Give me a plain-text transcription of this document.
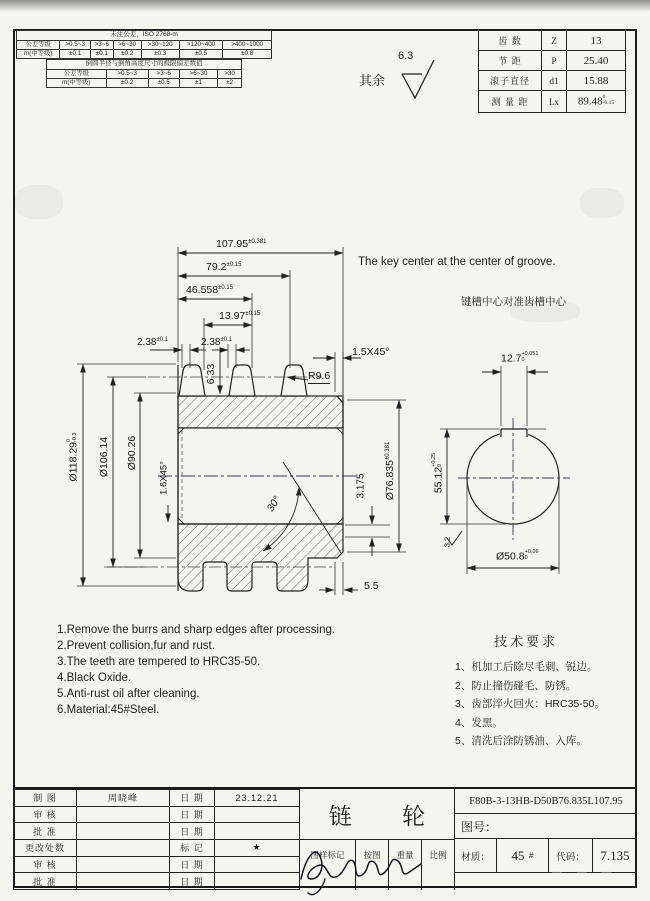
未注公差，ISO 2768-m						
公差等级	>0.5~3	>3~6	>6~30	>30~120	>120~400	>400~1000
m(中等级)	±0.1	±0.1	±0.2	±0.3	±0.5	±0.8
倒圆半径与倒角高度尺寸的极限偏差数值				
公差等级	>0.5~3	>3~6	>6~30	>30
m(中等级)	±0.2	±0.5	±1	±2
齿 数	Z	13
节 距	P	25.40
滚子直径	d1	15.88
测 量 距	Lx	89.48 0
-0.15
其余
6.3
The key center at the center of groove.
键槽中心对准齿槽中心
$107.95^{\pm 0.381}$
$79.2^{\pm 0.15}$
$46.558^{\pm 0.15}$
$13.97^{\pm 0.15}$
$2.38^{\pm 0.1}$	$2.38^{\pm 0.1}$
6.33	R9.6
1.5X45°
Ø118.29
0 -0.3 Ø106.14 Ø90.26
1.6X45°
30°
3.175 $Ø76.835^{\pm 0.381}$
5.5
12.7 +0.051
0
55.12
+0.25 0
Ø50.8 +0.06
0
3.2
1.Remove the burrs and sharp edges after processing.
2.Prevent collision,fur and rust.
3.The teeth are tempered to HRC35-50.
4.Black Oxide.
5.Anti-rust oil after cleaning.
6.Material:45#Steel.
技术要求
1、机加工后除尽毛刺、锐边。
2、防止撞伤碰毛、防锈。
3、齿部淬火回火：HRC35-50。
4、发黑。
5、清洗后涂防锈油、入库。
制 图	周晓峰	日 期	23.12.21
审 核		日 期	
批 准		日 期	
更改处数		标 记	★
审 核		日 期	
批 准		日 期	
链 轮
图样标记	按图	重量	比例
F80B-3-13HB-D50B76.835L107.95
图号：
材质：	45
#	代码：	7.135
— — —
